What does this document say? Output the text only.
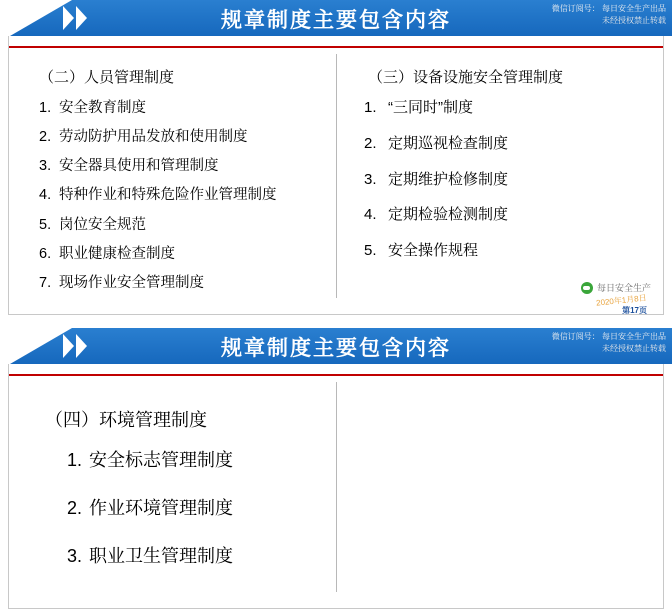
规章制度主要包含内容	微信订阅号： 每日安全生产出品
未经授权禁止转载
（二）人员管理制度
1. 安全教育制度
2. 劳动防护用品发放和使用制度
3. 安全器具使用和管理制度
4. 特种作业和特殊危险作业管理制度
5. 岗位安全规范
6. 职业健康检查制度
7. 现场作业安全管理制度
（三）设备设施安全管理制度
1. “三同时”制度
2. 定期巡视检查制度
3. 定期维护检修制度
4. 定期检验检测制度
5. 安全操作规程
每日安全生产
2020年1月8日
第17页
规章制度主要包含内容	微信订阅号： 每日安全生产出品
未经授权禁止转载
（四）环境管理制度
1. 安全标志管理制度
2. 作业环境管理制度
3. 职业卫生管理制度
